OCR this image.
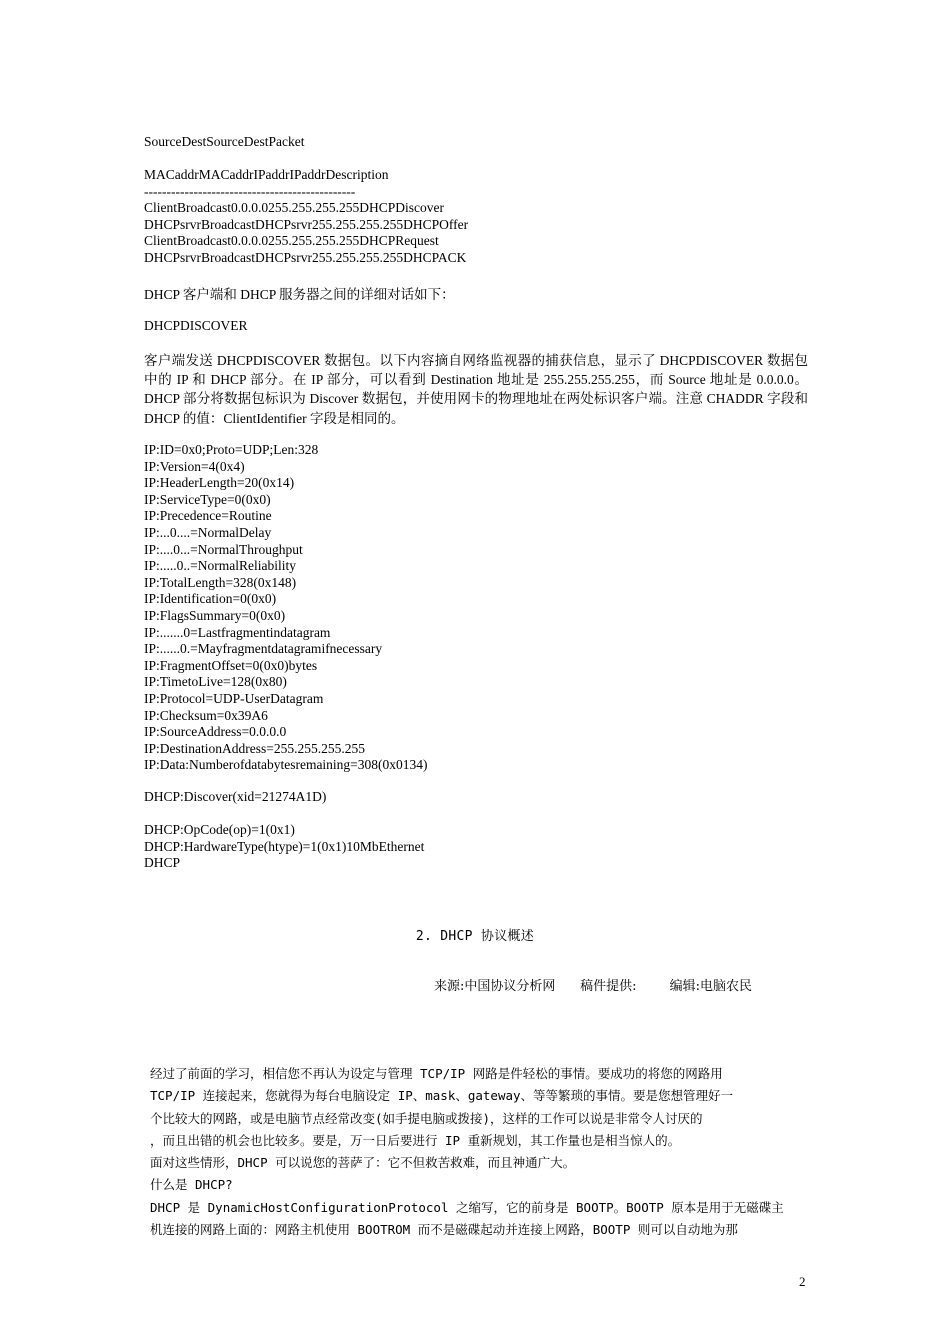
SourceDestSourceDestPacket
MACaddrMACaddrIPaddrIPaddrDescription
-----------------------------------------------
ClientBroadcast0.0.0.0255.255.255.255DHCPDiscover
DHCPsrvrBroadcastDHCPsrvr255.255.255.255DHCPOffer
ClientBroadcast0.0.0.0255.255.255.255DHCPRequest
DHCPsrvrBroadcastDHCPsrvr255.255.255.255DHCPACK
DHCP 客户端和 DHCP 服务器之间的详细对话如下：
DHCPDISCOVER
客户端发送 DHCPDISCOVER 数据包。以下内容摘自网络监视器的捕获信息，显示了 DHCPDISCOVER 数据包中的 IP 和 DHCP 部分。在 IP 部分，可以看到 Destination 地址是 255.255.255.255，而 Source 地址是 0.0.0.0。DHCP 部分将数据包标识为 Discover 数据包，并使用网卡的物理地址在两处标识客户端。注意 CHADDR 字段和 DHCP 的值：ClientIdentifier 字段是相同的。
IP:ID=0x0;Proto=UDP;Len:328
IP:Version=4(0x4)
IP:HeaderLength=20(0x14)
IP:ServiceType=0(0x0)
IP:Precedence=Routine
IP:...0....=NormalDelay
IP:....0...=NormalThroughput
IP:.....0..=NormalReliability
IP:TotalLength=328(0x148)
IP:Identification=0(0x0)
IP:FlagsSummary=0(0x0)
IP:.......0=Lastfragmentindatagram
IP:......0.=Mayfragmentdatagramifnecessary
IP:FragmentOffset=0(0x0)bytes
IP:TimetoLive=128(0x80)
IP:Protocol=UDP-UserDatagram
IP:Checksum=0x39A6
IP:SourceAddress=0.0.0.0
IP:DestinationAddress=255.255.255.255
IP:Data:Numberofdatabytesremaining=308(0x0134)
DHCP:Discover(xid=21274A1D)
DHCP:OpCode(op)=1(0x1)
DHCP:HardwareType(htype)=1(0x1)10MbEthernet
DHCP
2. DHCP 协议概述
来源:中国协议分析网      稿件提供:        编辑:电脑农民
经过了前面的学习，相信您不再认为设定与管理 TCP/IP 网路是件轻松的事情。要成功的将您的网路用
TCP/IP 连接起来，您就得为每台电脑设定 IP、mask、gateway、等等繁琐的事情。要是您想管理好一
个比较大的网路，或是电脑节点经常改变(如手提电脑或拨接)，这样的工作可以说是非常令人讨厌的
，而且出错的机会也比较多。要是，万一日后要进行 IP 重新规划，其工作量也是相当惊人的。
面对这些情形，DHCP 可以说您的菩萨了：它不但救苦救难，而且神通广大。
什么是 DHCP?
DHCP 是 DynamicHostConfigurationProtocol 之缩写，它的前身是 BOOTP。BOOTP 原本是用于无磁碟主
机连接的网路上面的：网路主机使用 BOOTROM 而不是磁碟起动并连接上网路，BOOTP 则可以自动地为那
2
